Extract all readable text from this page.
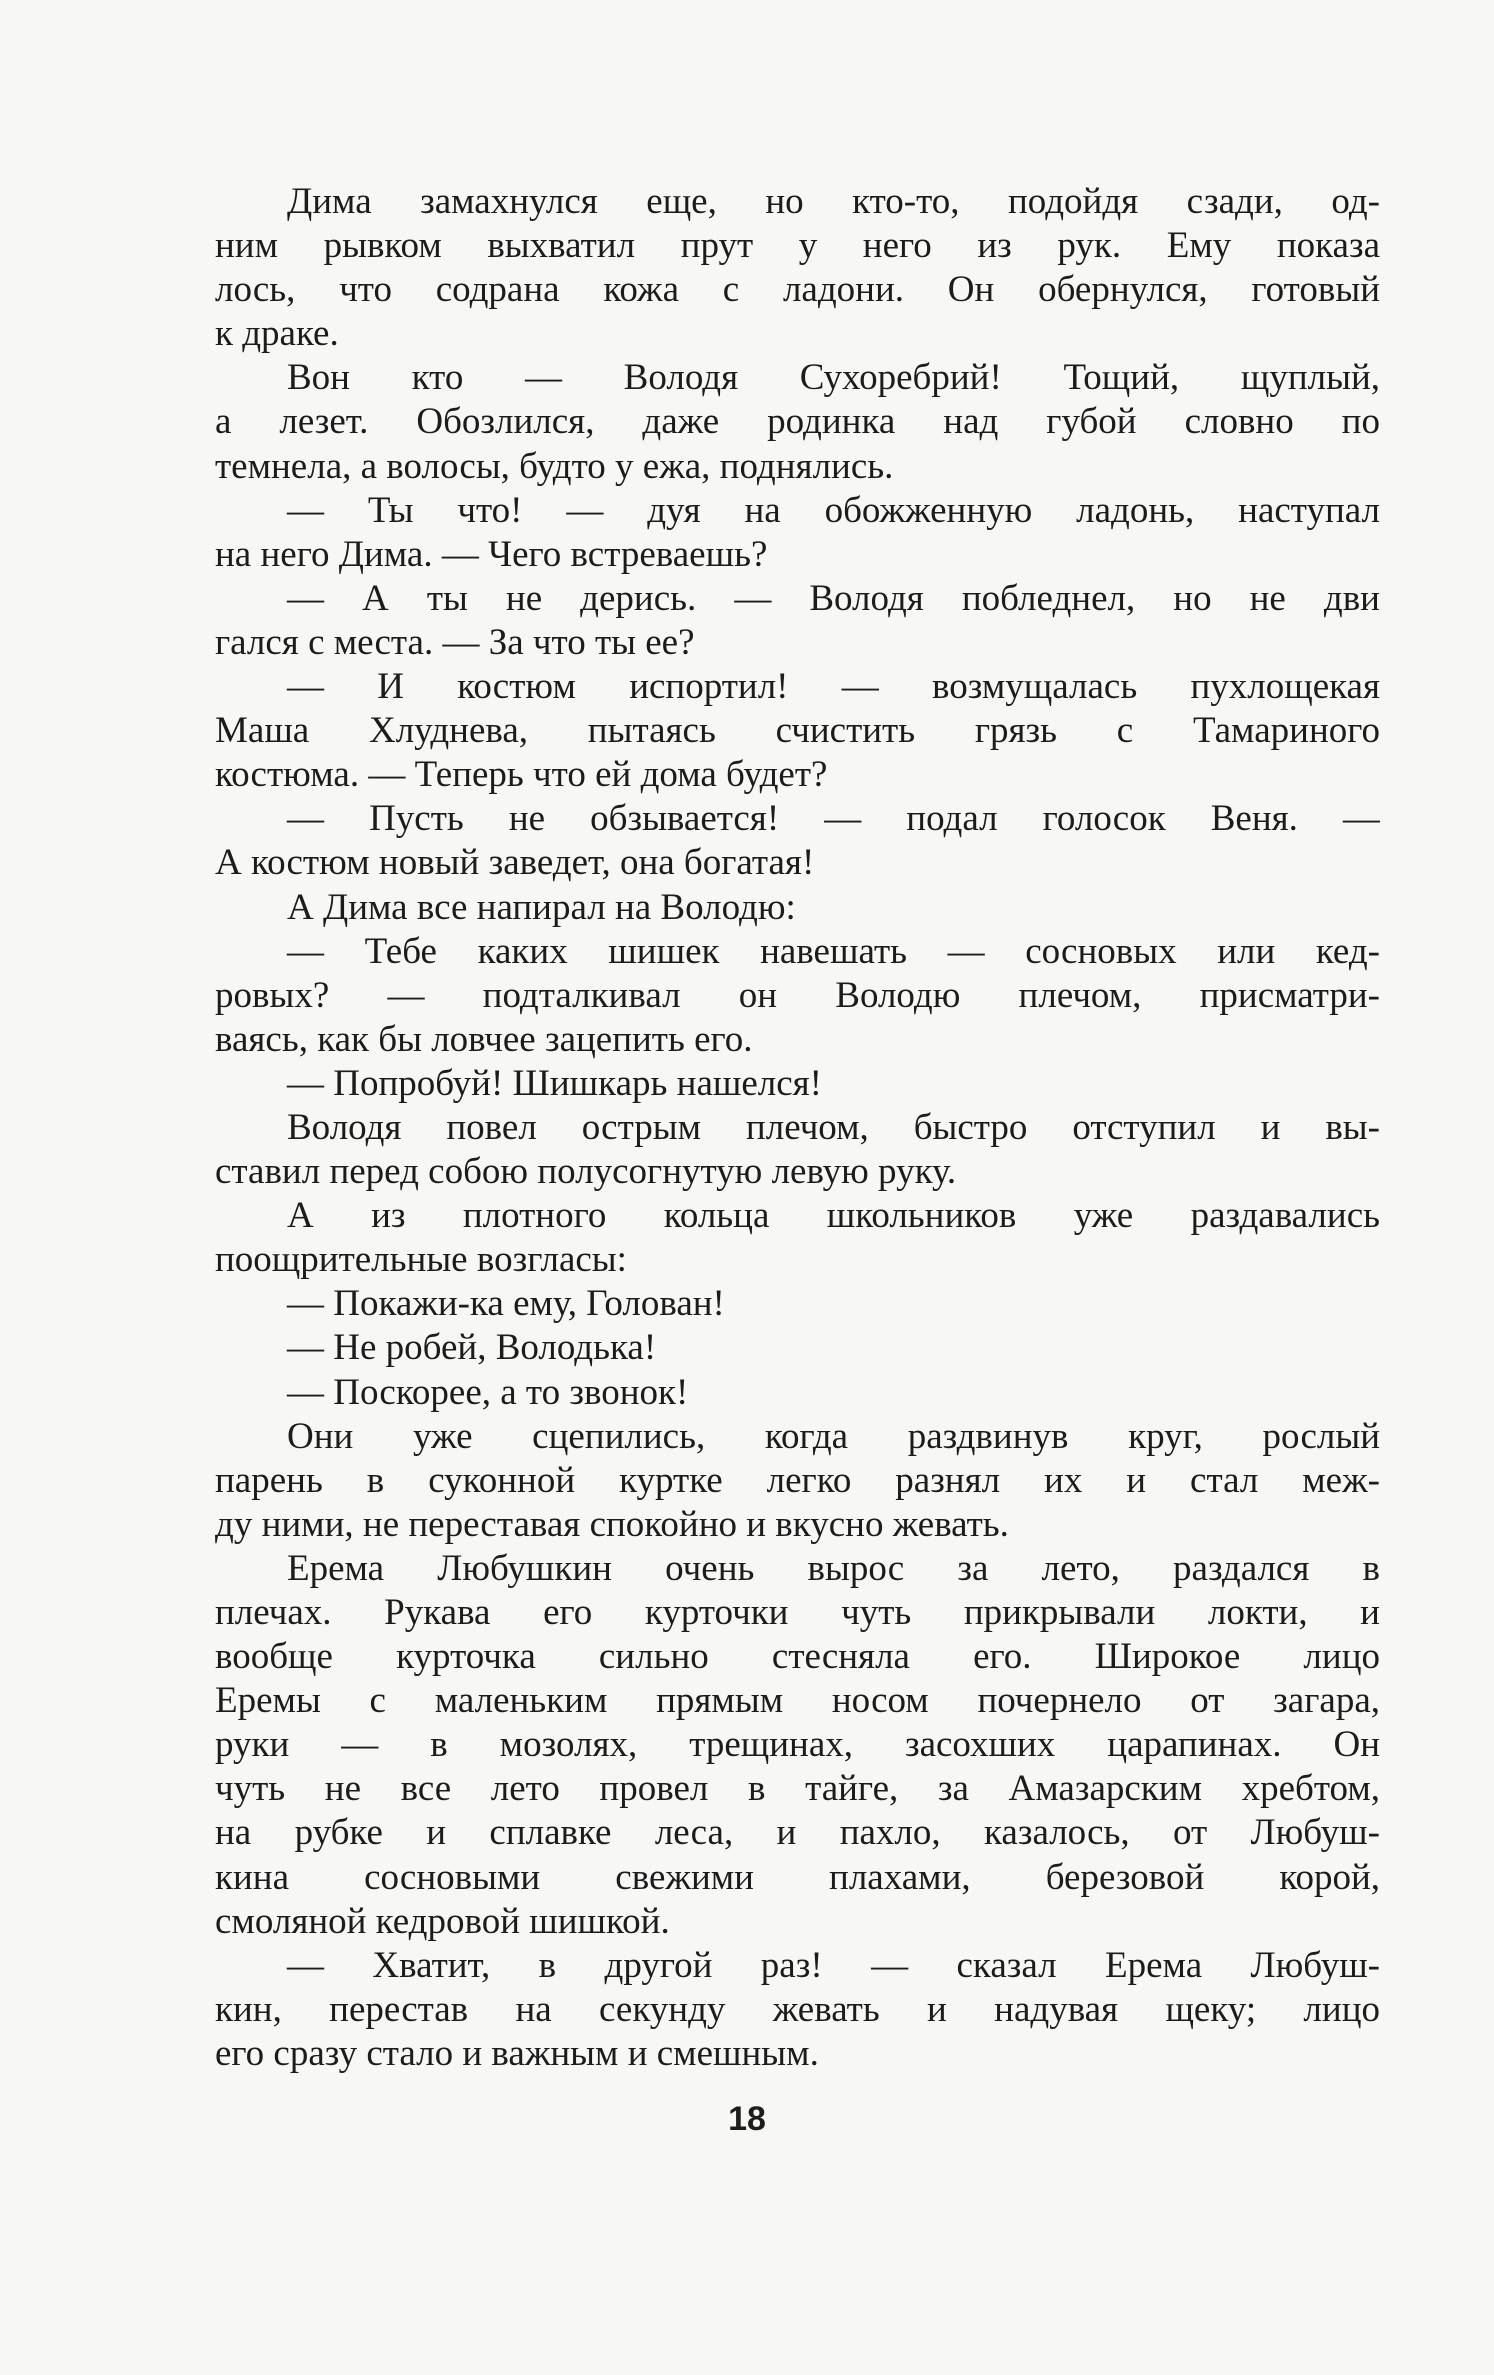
Дима замахнулся еще, но кто-то, подойдя сзади, од-
ним рывком выхватил прут у него из рук. Ему показа
лось, что содрана кожа с ладони. Он обернулся, готовый
к драке.
Вон кто — Володя Сухоребрий! Тощий, щуплый,
а лезет. Обозлился, даже родинка над губой словно по
темнела, а волосы, будто у ежа, поднялись.
— Ты что! — дуя на обожженную ладонь, наступал
на него Дима. — Чего встреваешь?
— А ты не дерись. — Володя побледнел, но не дви
гался с места. — За что ты ее?
— И костюм испортил! — возмущалась пухлощекая
Маша Хлуднева, пытаясь счистить грязь с Тамариного
костюма. — Теперь что ей дома будет?
— Пусть не обзывается! — подал голосок Веня. —
А костюм новый заведет, она богатая!
А Дима все напирал на Володю:
— Тебе каких шишек навешать — сосновых или кед-
ровых? — подталкивал он Володю плечом, присматри-
ваясь, как бы ловчее зацепить его.
— Попробуй! Шишкарь нашелся!
Володя повел острым плечом, быстро отступил и вы-
ставил перед собою полусогнутую левую руку.
А из плотного кольца школьников уже раздавались
поощрительные возгласы:
— Покажи-ка ему, Голован!
— Не робей, Володька!
— Поскорее, а то звонок!
Они уже сцепились, когда раздвинув круг, рослый
парень в суконной куртке легко разнял их и стал меж-
ду ними, не переставая спокойно и вкусно жевать.
Ерема Любушкин очень вырос за лето, раздался в
плечах. Рукава его курточки чуть прикрывали локти, и
вообще курточка сильно стесняла его. Широкое лицо
Еремы с маленьким прямым носом почернело от загара,
руки — в мозолях, трещинах, засохших царапинах. Он
чуть не все лето провел в тайге, за Амазарским хребтом,
на рубке и сплавке леса, и пахло, казалось, от Любуш-
кина сосновыми свежими плахами, березовой корой,
смоляной кедровой шишкой.
— Хватит, в другой раз! — сказал Ерема Любуш-
кин, перестав на секунду жевать и надувая щеку; лицо
его сразу стало и важным и смешным.
18
